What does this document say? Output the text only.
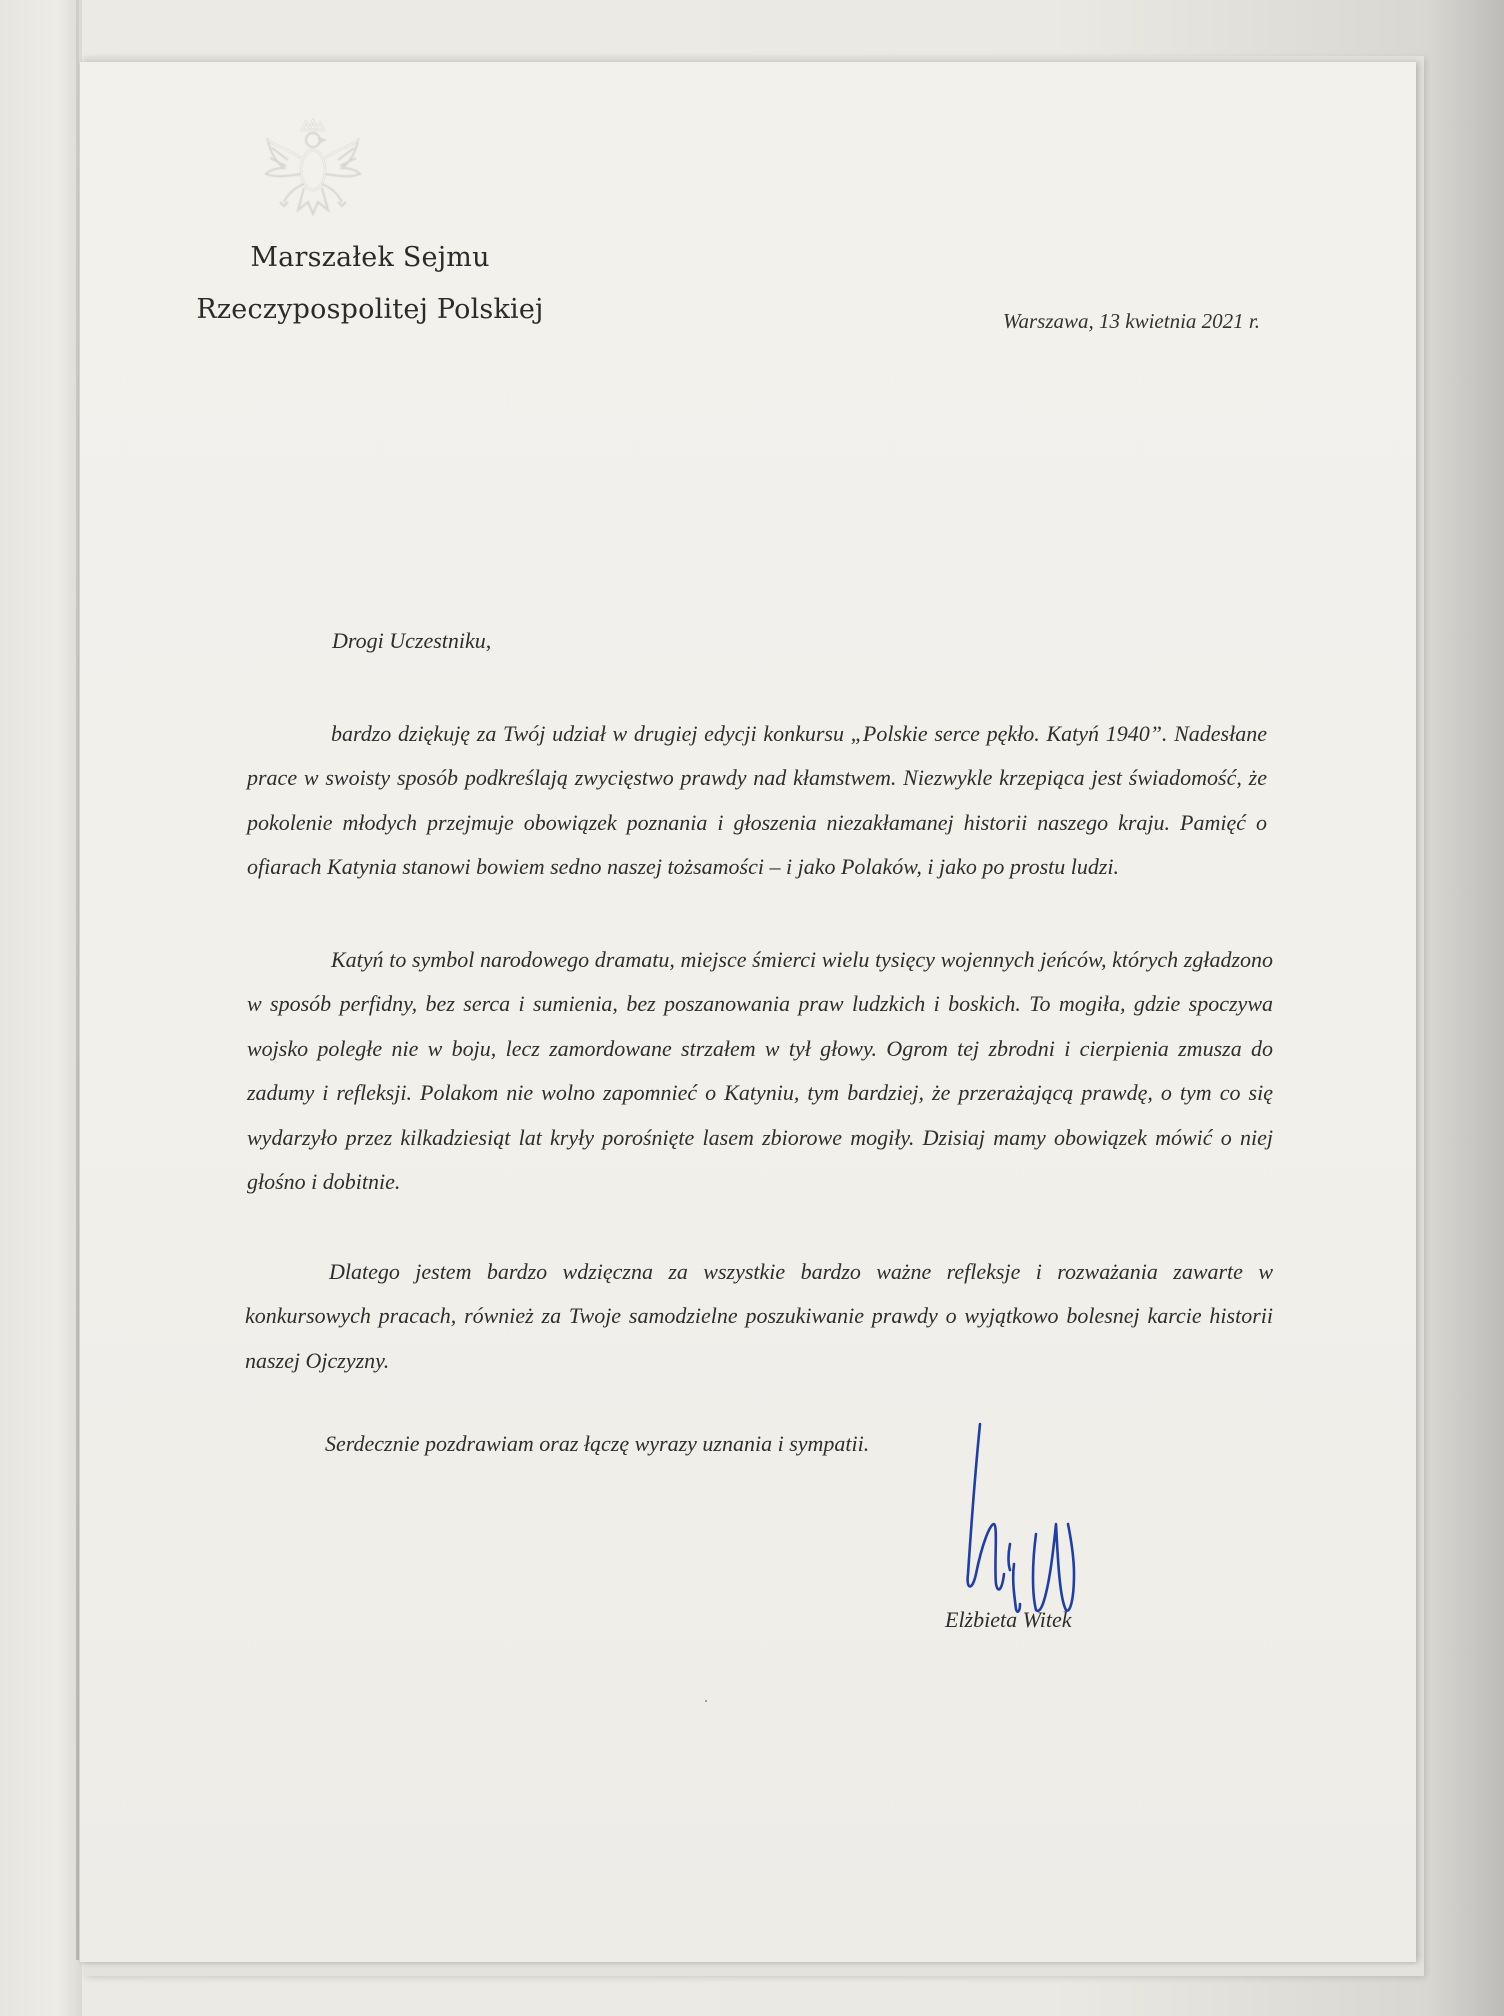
Marszałek Sejmu
Rzeczypospolitej Polskiej	Warszawa, 13 kwietnia 2021 r.
Drogi Uczestniku,

bardzo dziękuję za Twój udział w drugiej edycji konkursu „Polskie serce pękło. Katyń 1940”. Nadesłane prace w swoisty sposób podkreślają zwycięstwo prawdy nad kłamstwem. Niezwykle krzepiąca jest świadomość, że pokolenie młodych przejmuje obowiązek poznania i głoszenia niezakłamanej historii naszego kraju. Pamięć o ofiarach Katynia stanowi bowiem sedno naszej tożsamości – i jako Polaków, i jako po prostu ludzi.

Katyń to symbol narodowego dramatu, miejsce śmierci wielu tysięcy wojennych jeńców, których zgładzono w sposób perfidny, bez serca i sumienia, bez poszanowania praw ludzkich i boskich. To mogiła, gdzie spoczywa wojsko poległe nie w boju, lecz zamordowane strzałem w tył głowy. Ogrom tej zbrodni i cierpienia zmusza do zadumy i refleksji. Polakom nie wolno zapomnieć o Katyniu, tym bardziej, że przerażającą prawdę, o tym co się wydarzyło przez kilkadziesiąt lat kryły porośnięte lasem zbiorowe mogiły. Dzisiaj mamy obowiązek mówić o niej głośno i dobitnie.

Dlatego jestem bardzo wdzięczna za wszystkie bardzo ważne refleksje i rozważania zawarte w konkursowych pracach, również za Twoje samodzielne poszukiwanie prawdy o wyjątkowo bolesnej karcie historii naszej Ojczyzny.

Serdecznie pozdrawiam oraz łączę wyrazy uznania i sympatii.

Elżbieta Witek
